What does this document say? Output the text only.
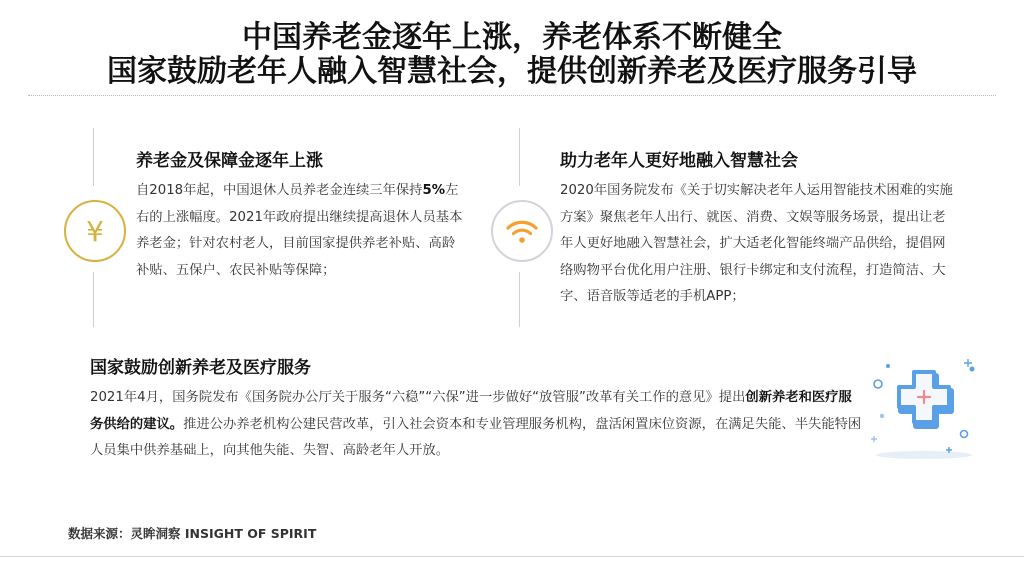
中国养老金逐年上涨，养老体系不断健全
国家鼓励老年人融入智慧社会，提供创新养老及医疗服务引导
¥
养老金及保障金逐年上涨
自2018年起，中国退休人员养老金连续三年保持5%左右的上涨幅度。2021年政府提出继续提高退休人员基本养老金；针对农村老人，目前国家提供养老补贴、高龄补贴、五保户、农民补贴等保障；
助力老年人更好地融入智慧社会
2020年国务院发布《关于切实解决老年人运用智能技术困难的实施方案》聚焦老年人出行、就医、消费、文娱等服务场景，提出让老年人更好地融入智慧社会，扩大适老化智能终端产品供给，提倡网络购物平台优化用户注册、银行卡绑定和支付流程，打造简洁、大字、语音版等适老的手机APP；
国家鼓励创新养老及医疗服务
2021年4月，国务院发布《国务院办公厅关于服务“六稳”“六保”进一步做好“放管服”改革有关工作的意见》提出创新养老和医疗服务供给的建议。推进公办养老机构公建民营改革，引入社会资本和专业管理服务机构，盘活闲置床位资源，在满足失能、半失能特困人员集中供养基础上，向其他失能、失智、高龄老年人开放。
数据来源：灵眸洞察 INSIGHT OF SPIRIT
